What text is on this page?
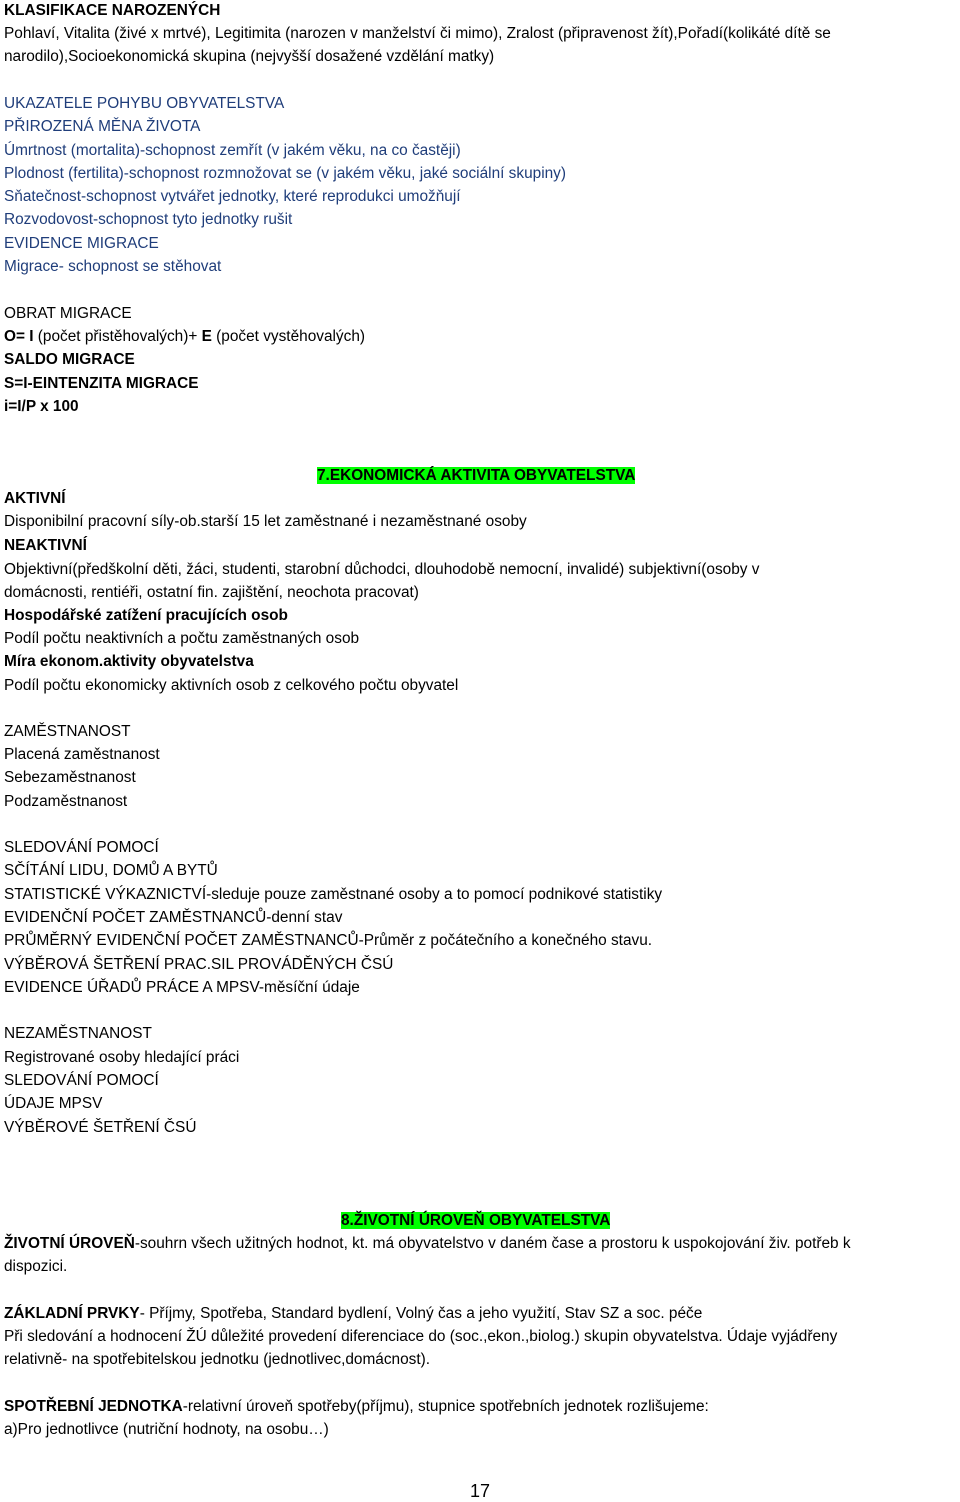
KLASIFIKACE NAROZENÝCH
Pohlaví, Vitalita (živé x mrtvé), Legitimita (narozen v manželství či mimo), Zralost (připravenost žít),Pořadí(kolikáté dítě se
narodilo),Socioekonomická skupina (nejvyšší dosažené vzdělání matky)
UKAZATELE POHYBU OBYVATELSTVA
PŘIROZENÁ MĚNA ŽIVOTA
Úmrtnost (mortalita)-schopnost zemřít (v jakém věku, na co častěji)
Plodnost (fertilita)-schopnost rozmnožovat se (v jakém věku, jaké sociální skupiny)
Sňatečnost-schopnost vytvářet jednotky, které reprodukci umožňují
Rozvodovost-schopnost tyto jednotky rušit
EVIDENCE MIGRACE
Migrace- schopnost se stěhovat
OBRAT MIGRACE
O= I (počet přistěhovalých)+ E (počet vystěhovalých)
SALDO MIGRACE
S=I-EINTENZITA MIGRACE
i=I/P x 100
7.EKONOMICKÁ AKTIVITA OBYVATELSTVA
AKTIVNÍ
Disponibilní pracovní síly-ob.starší 15 let zaměstnané i nezaměstnané osoby
NEAKTIVNÍ
Objektivní(předškolní děti, žáci, studenti, starobní důchodci, dlouhodobě nemocní, invalidé) subjektivní(osoby v
domácnosti, rentiéři, ostatní fin. zajištění, neochota pracovat)
Hospodářské zatížení pracujících osob
Podíl počtu neaktivních a počtu zaměstnaných osob
Míra ekonom.aktivity obyvatelstva
Podíl počtu ekonomicky aktivních osob z celkového počtu obyvatel
ZAMĚSTNANOST
Placená zaměstnanost
Sebezaměstnanost
Podzaměstnanost
SLEDOVÁNÍ POMOCÍ
SČÍTÁNÍ LIDU, DOMŮ A BYTŮ
STATISTICKÉ VÝKAZNICTVÍ-sleduje pouze zaměstnané osoby a to pomocí podnikové statistiky
EVIDENČNÍ POČET ZAMĚSTNANCŮ-denní stav
PRŮMĚRNÝ EVIDENČNÍ POČET ZAMĚSTNANCŮ-Průměr z počátečního a konečného stavu.
VÝBĚROVÁ ŠETŘENÍ PRAC.SIL PROVÁDĚNÝCH ČSÚ
EVIDENCE ÚŘADŮ PRÁCE A MPSV-měsíční údaje
NEZAMĚSTNANOST
Registrované osoby hledající práci
SLEDOVÁNÍ POMOCÍ
ÚDAJE MPSV
VÝBĚROVÉ ŠETŘENÍ ČSÚ
8.ŽIVOTNÍ ÚROVEŇ OBYVATELSTVA
ŽIVOTNÍ ÚROVEŇ-souhrn všech užitných hodnot, kt. má obyvatelstvo v daném čase a prostoru k uspokojování živ. potřeb k
dispozici.
ZÁKLADNÍ PRVKY- Příjmy, Spotřeba, Standard bydlení, Volný čas a jeho využití, Stav SZ a soc. péče
Při sledování a hodnocení ŽÚ důležité provedení diferenciace do (soc.,ekon.,biolog.) skupin obyvatelstva. Údaje vyjádřeny
relativně- na spotřebitelskou jednotku (jednotlivec,domácnost).
SPOTŘEBNÍ JEDNOTKA-relativní úroveň spotřeby(příjmu), stupnice spotřebních jednotek rozlišujeme:
a)Pro jednotlivce (nutriční hodnoty, na osobu…)
17
